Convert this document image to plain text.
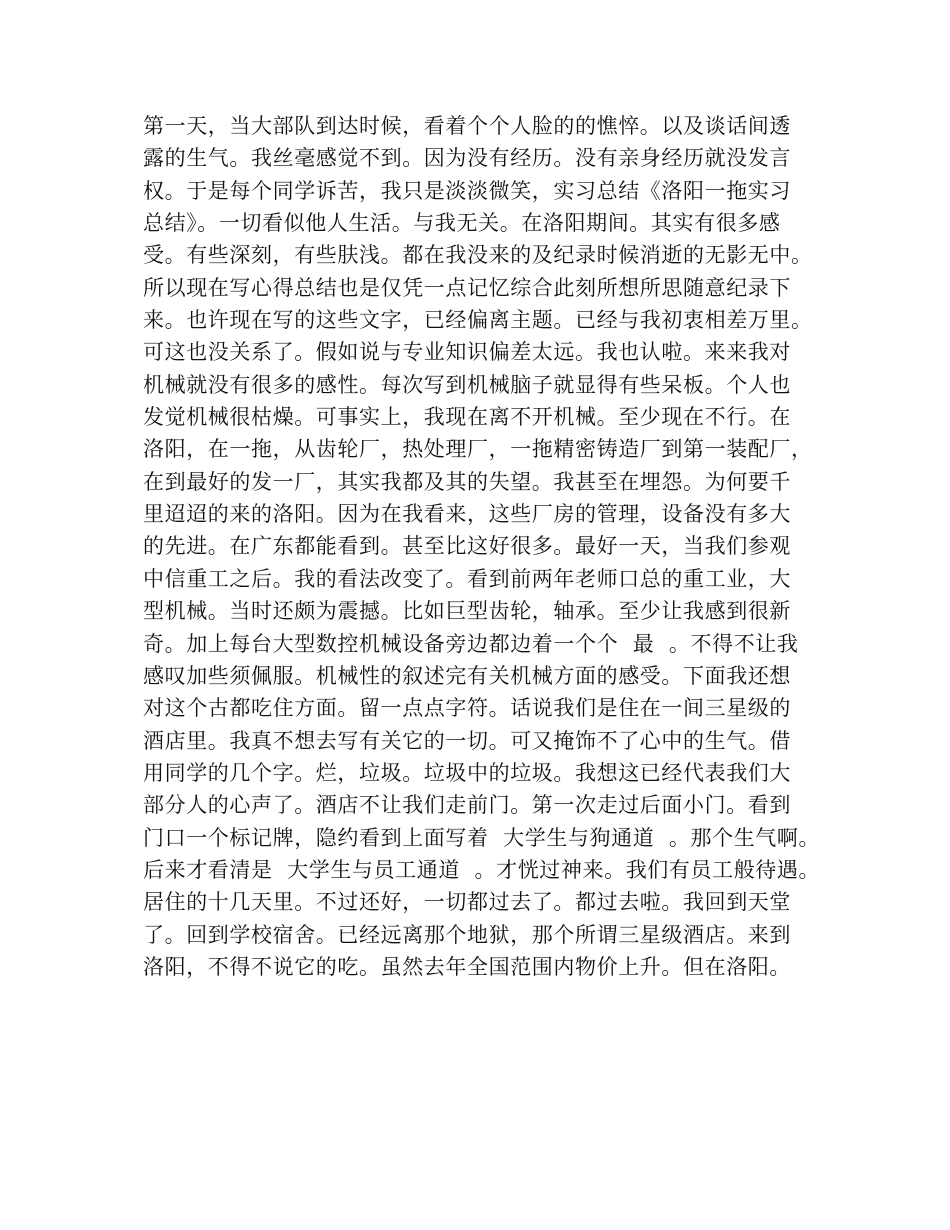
第一天，当大部队到达时候，看着个个人脸的的憔悴。以及谈话间透
露的生气。我丝毫感觉不到。因为没有经历。没有亲身经历就没发言
权。于是每个同学诉苦，我只是淡淡微笑，实习总结《洛阳一拖实习
总结》。一切看似他人生活。与我无关。在洛阳期间。其实有很多感
受。有些深刻，有些肤浅。都在我没来的及纪录时候消逝的无影无中。
所以现在写心得总结也是仅凭一点记忆综合此刻所想所思随意纪录下
来。也许现在写的这些文字，已经偏离主题。已经与我初衷相差万里。
可这也没关系了。假如说与专业知识偏差太远。我也认啦。来来我对
机械就没有很多的感性。每次写到机械脑子就显得有些呆板。个人也
发觉机械很枯燥。可事实上，我现在离不开机械。至少现在不行。在
洛阳，在一拖，从齿轮厂，热处理厂，一拖精密铸造厂到第一装配厂，
在到最好的发一厂，其实我都及其的失望。我甚至在埋怨。为何要千
里迢迢的来的洛阳。因为在我看来，这些厂房的管理，设备没有多大
的先进。在广东都能看到。甚至比这好很多。最好一天，当我们参观
中信重工之后。我的看法改变了。看到前两年老师口总的重工业，大
型机械。当时还颇为震撼。比如巨型齿轮，轴承。至少让我感到很新
奇。加上每台大型数控机械设备旁边都边着一个个  最  。不得不让我
感叹加些须佩服。机械性的叙述完有关机械方面的感受。下面我还想
对这个古都吃住方面。留一点点字符。话说我们是住在一间三星级的
酒店里。我真不想去写有关它的一切。可又掩饰不了心中的生气。借
用同学的几个字。烂，垃圾。垃圾中的垃圾。我想这已经代表我们大
部分人的心声了。酒店不让我们走前门。第一次走过后面小门。看到
门口一个标记牌，隐约看到上面写着  大学生与狗通道  。那个生气啊。
后来才看清是  大学生与员工通道  。才恍过神来。我们有员工般待遇。
居住的十几天里。不过还好，一切都过去了。都过去啦。我回到天堂
了。回到学校宿舍。已经远离那个地狱，那个所谓三星级酒店。来到
洛阳，不得不说它的吃。虽然去年全国范围内物价上升。但在洛阳。
